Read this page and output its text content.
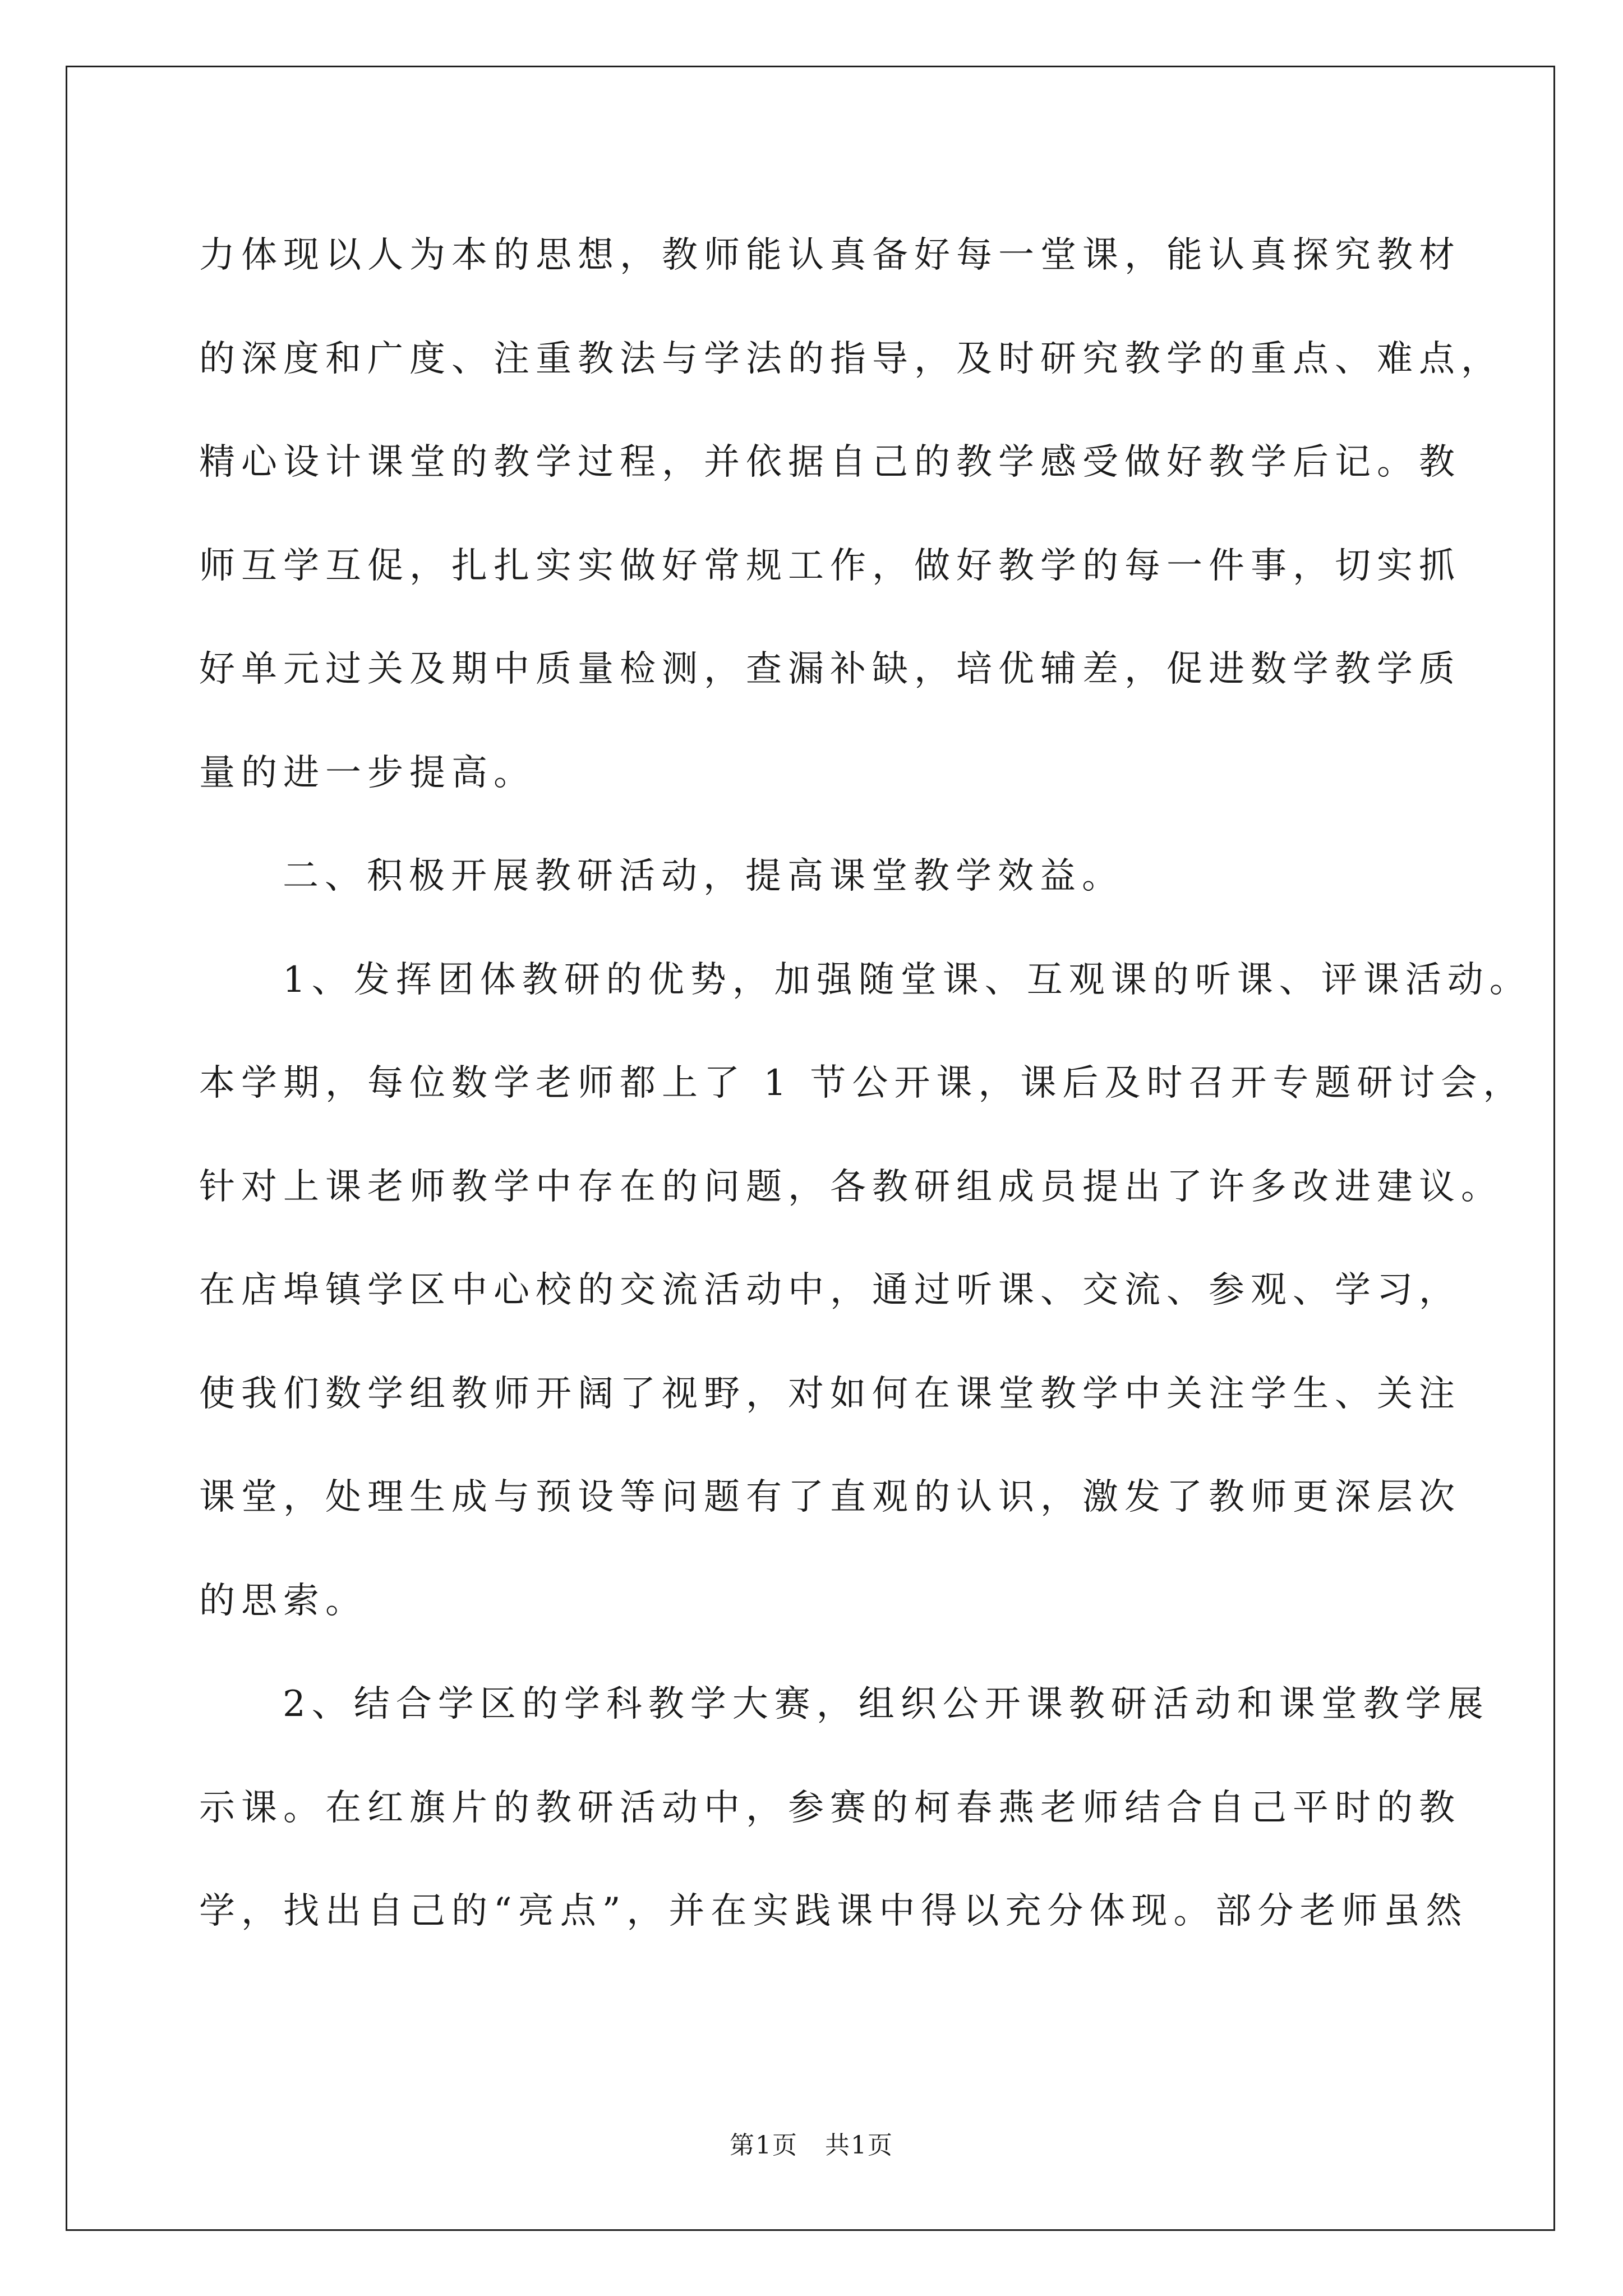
力体现以人为本的思想，教师能认真备好每一堂课，能认真探究教材
的深度和广度、注重教法与学法的指导，及时研究教学的重点、难点，
精心设计课堂的教学过程，并依据自己的教学感受做好教学后记。教
师互学互促，扎扎实实做好常规工作，做好教学的每一件事，切实抓
好单元过关及期中质量检测，查漏补缺，培优辅差，促进数学教学质
量的进一步提高。
二、积极开展教研活动，提高课堂教学效益。
1、发挥团体教研的优势，加强随堂课、互观课的听课、评课活动。
本学期，每位数学老师都上了 1 节公开课，课后及时召开专题研讨会，
针对上课老师教学中存在的问题，各教研组成员提出了许多改进建议。
在店埠镇学区中心校的交流活动中，通过听课、交流、参观、学习，
使我们数学组教师开阔了视野，对如何在课堂教学中关注学生、关注
课堂，处理生成与预设等问题有了直观的认识，激发了教师更深层次
的思索。
2、结合学区的学科教学大赛，组织公开课教研活动和课堂教学展
示课。在红旗片的教研活动中，参赛的柯春燕老师结合自己平时的教
学，找出自己的“亮点”，并在实践课中得以充分体现。部分老师虽然
第1页   共1页
